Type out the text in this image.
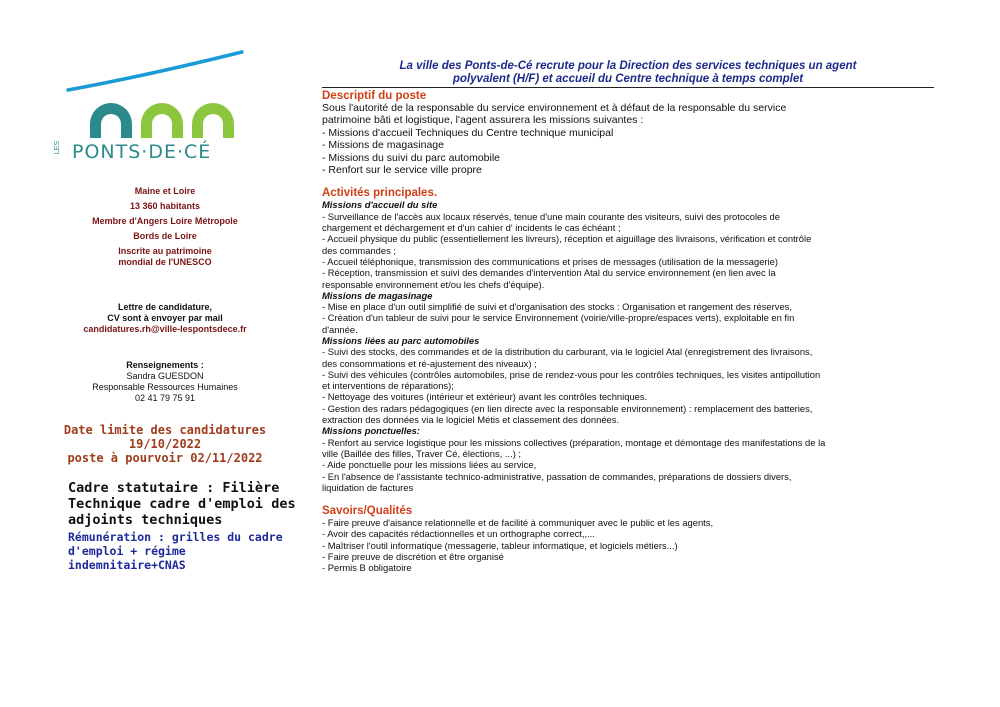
LES PONTS·DE·CÉ
Maine et Loire
13 360 habitants
Membre d'Angers Loire Métropole
Bords de Loire
Inscrite au patrimoine
mondial de l'UNESCO
Lettre de candidature,
CV sont à envoyer par mail
candidatures.rh@ville-lespontsdece.fr
Renseignements :
Sandra GUESDON
Responsable Ressources Humaines
02 41 79 75 91
Date limite des candidatures
19/10/2022
poste à pourvoir 02/11/2022
Cadre statutaire : Filière Technique cadre d'emploi des adjoints techniques
Rémunération : grilles du cadre d'emploi + régime indemnitaire+CNAS
La ville des Ponts-de-Cé recrute pour la Direction des services techniques un agent
polyvalent (H/F) et accueil du Centre technique à temps complet
Descriptif du poste
Sous l'autorité de la responsable du service environnement et à défaut de la responsable du service
patrimoine bâti et logistique, l'agent assurera les missions suivantes :
- Missions d'accueil Techniques du Centre technique municipal
- Missions de magasinage
- Missions du suivi du parc automobile
- Renfort sur le service ville propre
Activités principales.
Missions d'accueil du site
- Surveillance de l'accès aux locaux réservés, tenue d'une main courante des visiteurs, suivi des protocoles de
chargement et déchargement et d'un cahier d' incidents le cas échéant ;
- Accueil physique du public (essentiellement les livreurs), réception et aiguillage des livraisons, vérification et contrôle
des commandes ;
- Accueil téléphonique, transmission des communications et prises de messages (utilisation de la messagerie)
- Réception, transmission et suivi des demandes d'intervention Atal du service environnement (en lien avec la
responsable environnement et/ou les chefs d'équipe).
Missions de magasinage
- Mise en place d'un outil simplifié de suivi et d'organisation des stocks : Organisation et rangement des réserves,
- Création d'un tableur de suivi pour le service Environnement (voirie/ville-propre/espaces verts), exploitable en fin
d'année.
Missions liées au parc automobiles
- Suivi des stocks, des commandes et de la distribution du carburant, via le logiciel Atal (enregistrement des livraisons,
des consommations et ré-ajustement des niveaux) ;
- Suivi des véhicules (contrôles automobiles, prise de rendez-vous pour les contrôles techniques, les visites antipollution
et interventions de réparations);
- Nettoyage des voitures (intérieur et extérieur) avant les contrôles techniques.
- Gestion des radars pédagogiques (en lien directe avec la responsable environnement) : remplacement des batteries,
extraction des données via le logiciel Métis et classement des données.
Missions ponctuelles:
- Renfort au service logistique pour les missions collectives (préparation, montage et démontage des manifestations de la
ville (Baillée des filles, Traver Cé, élections, ...) ;
- Aide ponctuelle pour les missions liées au service,
- En l'absence de l'assistante technico-administrative, passation de commandes, préparations de dossiers divers,
liquidation de factures
Savoirs/Qualités
- Faire preuve d'aisance relationnelle et de facilité à communiquer avec le public et les agents,
- Avoir des capacités rédactionnelles et un orthographe correct,,...
- Maîtriser l'outil informatique (messagerie, tableur informatique, et logiciels métiers...)
- Faire preuve de discrétion et être organisé
- Permis B obligatoire
